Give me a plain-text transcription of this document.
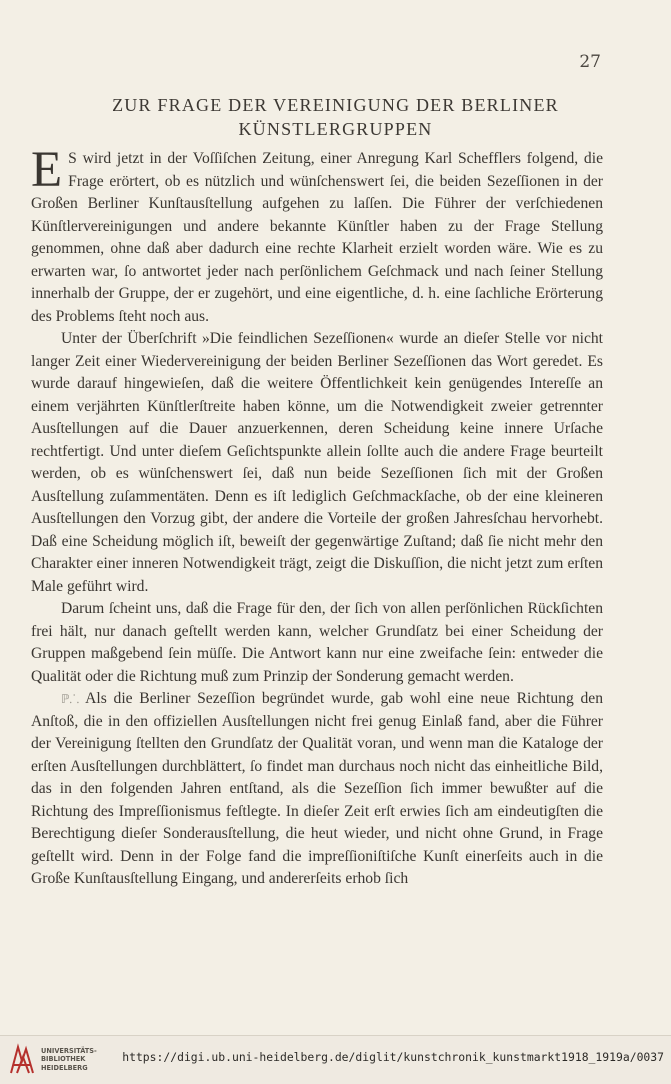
27
ZUR FRAGE DER VEREINIGUNG DER BERLINER
KÜNSTLERGRUPPEN

E S wird jetzt in der Voſſiſchen Zeitung, einer Anregung Karl Schefflers folgend, die Frage erörtert, ob es nützlich und wünſchenswert ſei, die beiden Sezeſſionen in der Großen Berliner Kunſtausſtellung aufgehen zu laſſen. Die Führer der verſchiedenen Künſtlervereinigungen und andere bekannte Künſtler haben zu der Frage Stellung genommen, ohne daß aber dadurch eine rechte Klarheit erzielt worden wäre. Wie es zu erwarten war, ſo antwortet jeder nach perſönlichem Geſchmack und nach ſeiner Stellung innerhalb der Gruppe, der er zugehört, und eine eigentliche, d. h. eine ſachliche Erörterung des Problems ſteht noch aus.

Unter der Überſchrift »Die feindlichen Sezeſſionen« wurde an dieſer Stelle vor nicht langer Zeit einer Wiedervereinigung der beiden Berliner Sezeſſionen das Wort geredet. Es wurde darauf hingewieſen, daß die weitere Öffentlichkeit kein genügendes Intereſſe an einem verjährten Künſtlerſtreite haben könne, um die Notwendigkeit zweier getrennter Ausſtellungen auf die Dauer anzuerkennen, deren Scheidung keine innere Urſache rechtfertigt. Und unter dieſem Geſichtspunkte allein ſollte auch die andere Frage beurteilt werden, ob es wünſchenswert ſei, daß nun beide Sezeſſionen ſich mit der Großen Ausſtellung zuſammentäten. Denn es iſt lediglich Geſchmackſache, ob der eine kleineren Ausſtellungen den Vorzug gibt, der andere die Vorteile der großen Jahresſchau hervorhebt. Daß eine Scheidung möglich iſt, beweiſt der gegenwärtige Zuſtand; daß ſie nicht mehr den Charakter einer inneren Notwendigkeit trägt, zeigt die Diskuſſion, die nicht jetzt zum erſten Male geführt wird.

Darum ſcheint uns, daß die Frage für den, der ſich von allen perſönlichen Rückſichten frei hält, nur danach geſtellt werden kann, welcher Grundſatz bei einer Scheidung der Gruppen maßgebend ſein müſſe. Die Antwort kann nur eine zweifache ſein: entweder die Qualität oder die Richtung muß zum Prinzip der Sonderung gemacht werden.

ℙ⸫ Als die Berliner Sezeſſion begründet wurde, gab wohl eine neue Richtung den Anſtoß, die in den offiziellen Ausſtellungen nicht frei genug Einlaß fand, aber die Führer der Vereinigung ſtellten den Grundſatz der Qualität voran, und wenn man die Kataloge der erſten Ausſtellungen durchblättert, ſo findet man durchaus noch nicht das einheitliche Bild, das in den folgenden Jahren entſtand, als die Sezeſſion ſich immer bewußter auf die Richtung des Impreſſionismus feſtlegte. In dieſer Zeit erſt erwies ſich am eindeutigſten die Berechtigung dieſer Sonderausſtellung, die heut wieder, und nicht ohne Grund, in Frage geſtellt wird. Denn in der Folge fand die impreſſioniſtiſche Kunſt einerſeits auch in die Große Kunſtausſtellung Eingang, und andererſeits erhob ſich

UNIVERSITÄTS-
BIBLIOTHEK
HEIDELBERG
https://digi.ub.uni-heidelberg.de/diglit/kunstchronik_kunstmarkt1918_1919a/0037
